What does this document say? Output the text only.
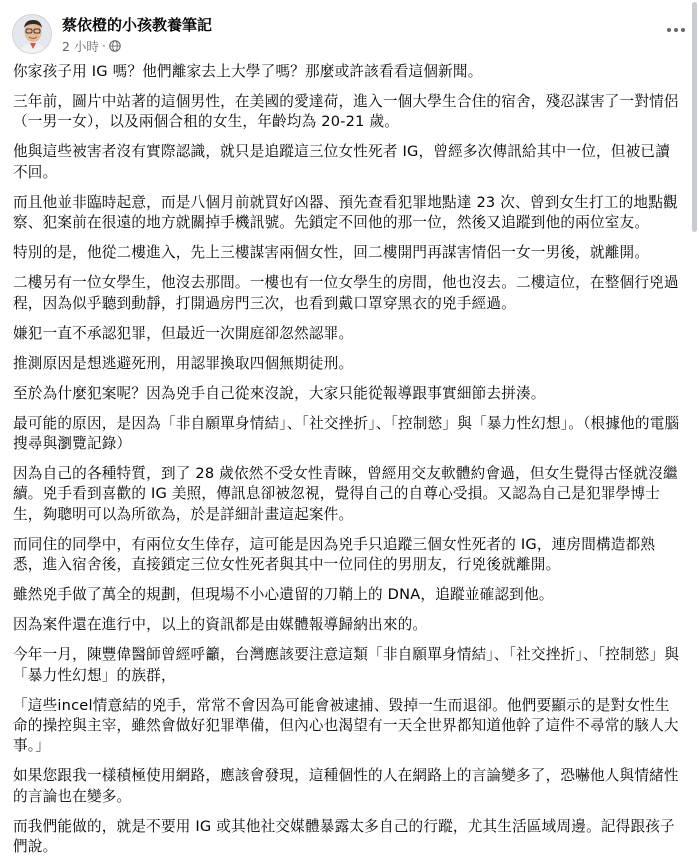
蔡依橙的小孩教養筆記
2 小時 ·

你家孩子用 IG 嗎？他們離家去上大學了嗎？那麼或許該看看這個新聞。

三年前，圖片中站著的這個男性，在美國的愛達荷，進入一個大學生合住的宿舍，殘忍謀害了一對情侶（一男一女），以及兩個合租的女生，年齡均為 20-21 歲。

他與這些被害者沒有實際認識，就只是追蹤這三位女性死者 IG，曾經多次傳訊給其中一位，但被已讀不回。

而且他並非臨時起意，而是八個月前就買好凶器、預先查看犯罪地點達 23 次、曾到女生打工的地點觀察、犯案前在很遠的地方就關掉手機訊號。先鎖定不回他的那一位，然後又追蹤到他的兩位室友。

特別的是，他從二樓進入，先上三樓謀害兩個女性，回二樓開門再謀害情侶一女一男後，就離開。

二樓另有一位女學生，他沒去那間。一樓也有一位女學生的房間，他也沒去。二樓這位，在整個行兇過程，因為似乎聽到動靜，打開過房門三次，也看到戴口罩穿黑衣的兇手經過。

嫌犯一直不承認犯罪，但最近一次開庭卻忽然認罪。

推測原因是想逃避死刑，用認罪換取四個無期徒刑。

至於為什麼犯案呢？因為兇手自己從來沒說，大家只能從報導跟事實細節去拼湊。

最可能的原因，是因為「非自願單身情結」、「社交挫折」、「控制慾」與「暴力性幻想」。（根據他的電腦搜尋與瀏覽記錄）

因為自己的各種特質，到了 28 歲依然不受女性青睞，曾經用交友軟體約會過，但女生覺得古怪就沒繼續。兇手看到喜歡的 IG 美照，傳訊息卻被忽視，覺得自己的自尊心受損。又認為自己是犯罪學博士生，夠聰明可以為所欲為，於是詳細計畫這起案件。

而同住的同學中，有兩位女生倖存，這可能是因為兇手只追蹤三個女性死者的 IG，連房間構造都熟悉，進入宿舍後，直接鎖定三位女性死者與其中一位同住的男朋友，行兇後就離開。

雖然兇手做了萬全的規劃，但現場不小心遺留的刀鞘上的 DNA，追蹤並確認到他。

因為案件還在進行中，以上的資訊都是由媒體報導歸納出來的。

今年一月，陳豐偉醫師曾經呼籲，台灣應該要注意這類「非自願單身情結」、「社交挫折」、「控制慾」與「暴力性幻想」的族群，

「這些incel情意結的兇手，常常不會因為可能會被逮捕、毀掉一生而退卻。他們要顯示的是對女性生命的操控與主宰，雖然會做好犯罪準備，但內心也渴望有一天全世界都知道他幹了這件不尋常的駭人大事。」

如果您跟我一樣積極使用網路，應該會發現，這種個性的人在網路上的言論變多了，恐嚇他人與情緒性的言論也在變多。

而我們能做的，就是不要用 IG 或其他社交媒體暴露太多自己的行蹤，尤其生活區域周邊。記得跟孩子們說。
